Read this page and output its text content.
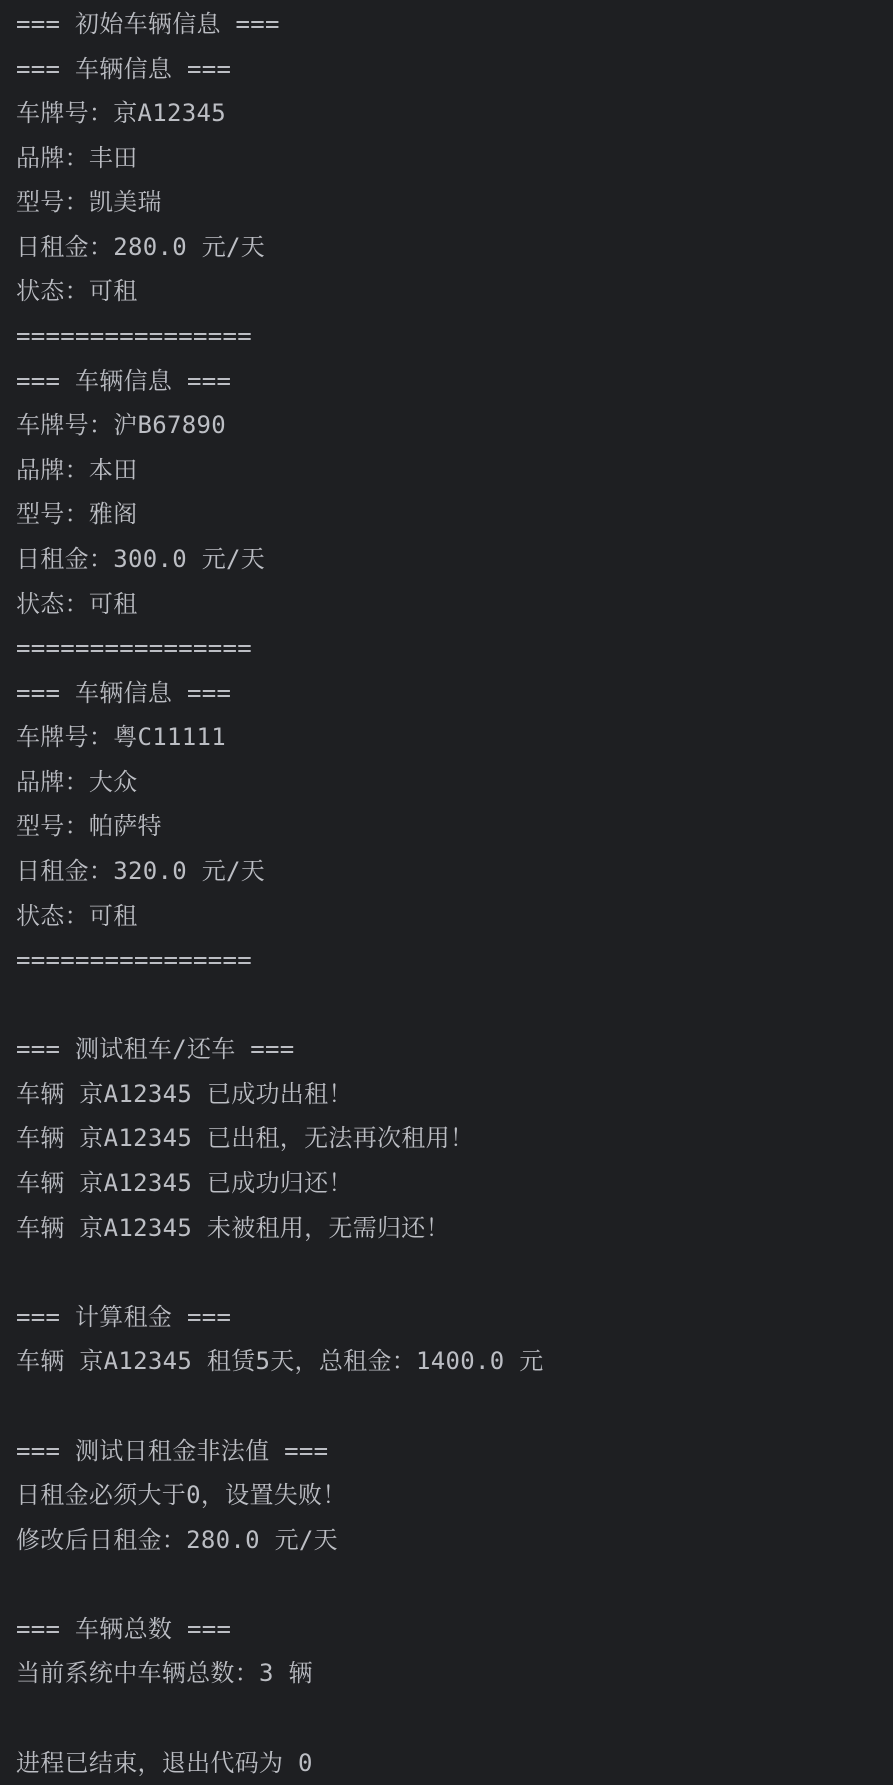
=== 初始车辆信息 ===
=== 车辆信息 ===
车牌号：京A12345
品牌：丰田
型号：凯美瑞
日租金：280.0 元/天
状态：可租
================
=== 车辆信息 ===
车牌号：沪B67890
品牌：本田
型号：雅阁
日租金：300.0 元/天
状态：可租
================
=== 车辆信息 ===
车牌号：粤C11111
品牌：大众
型号：帕萨特
日租金：320.0 元/天
状态：可租
================
=== 测试租车/还车 ===
车辆 京A12345 已成功出租！
车辆 京A12345 已出租，无法再次租用！
车辆 京A12345 已成功归还！
车辆 京A12345 未被租用，无需归还！
=== 计算租金 ===
车辆 京A12345 租赁5天，总租金：1400.0 元
=== 测试日租金非法值 ===
日租金必须大于0，设置失败！
修改后日租金：280.0 元/天
=== 车辆总数 ===
当前系统中车辆总数：3 辆
进程已结束，退出代码为 0
